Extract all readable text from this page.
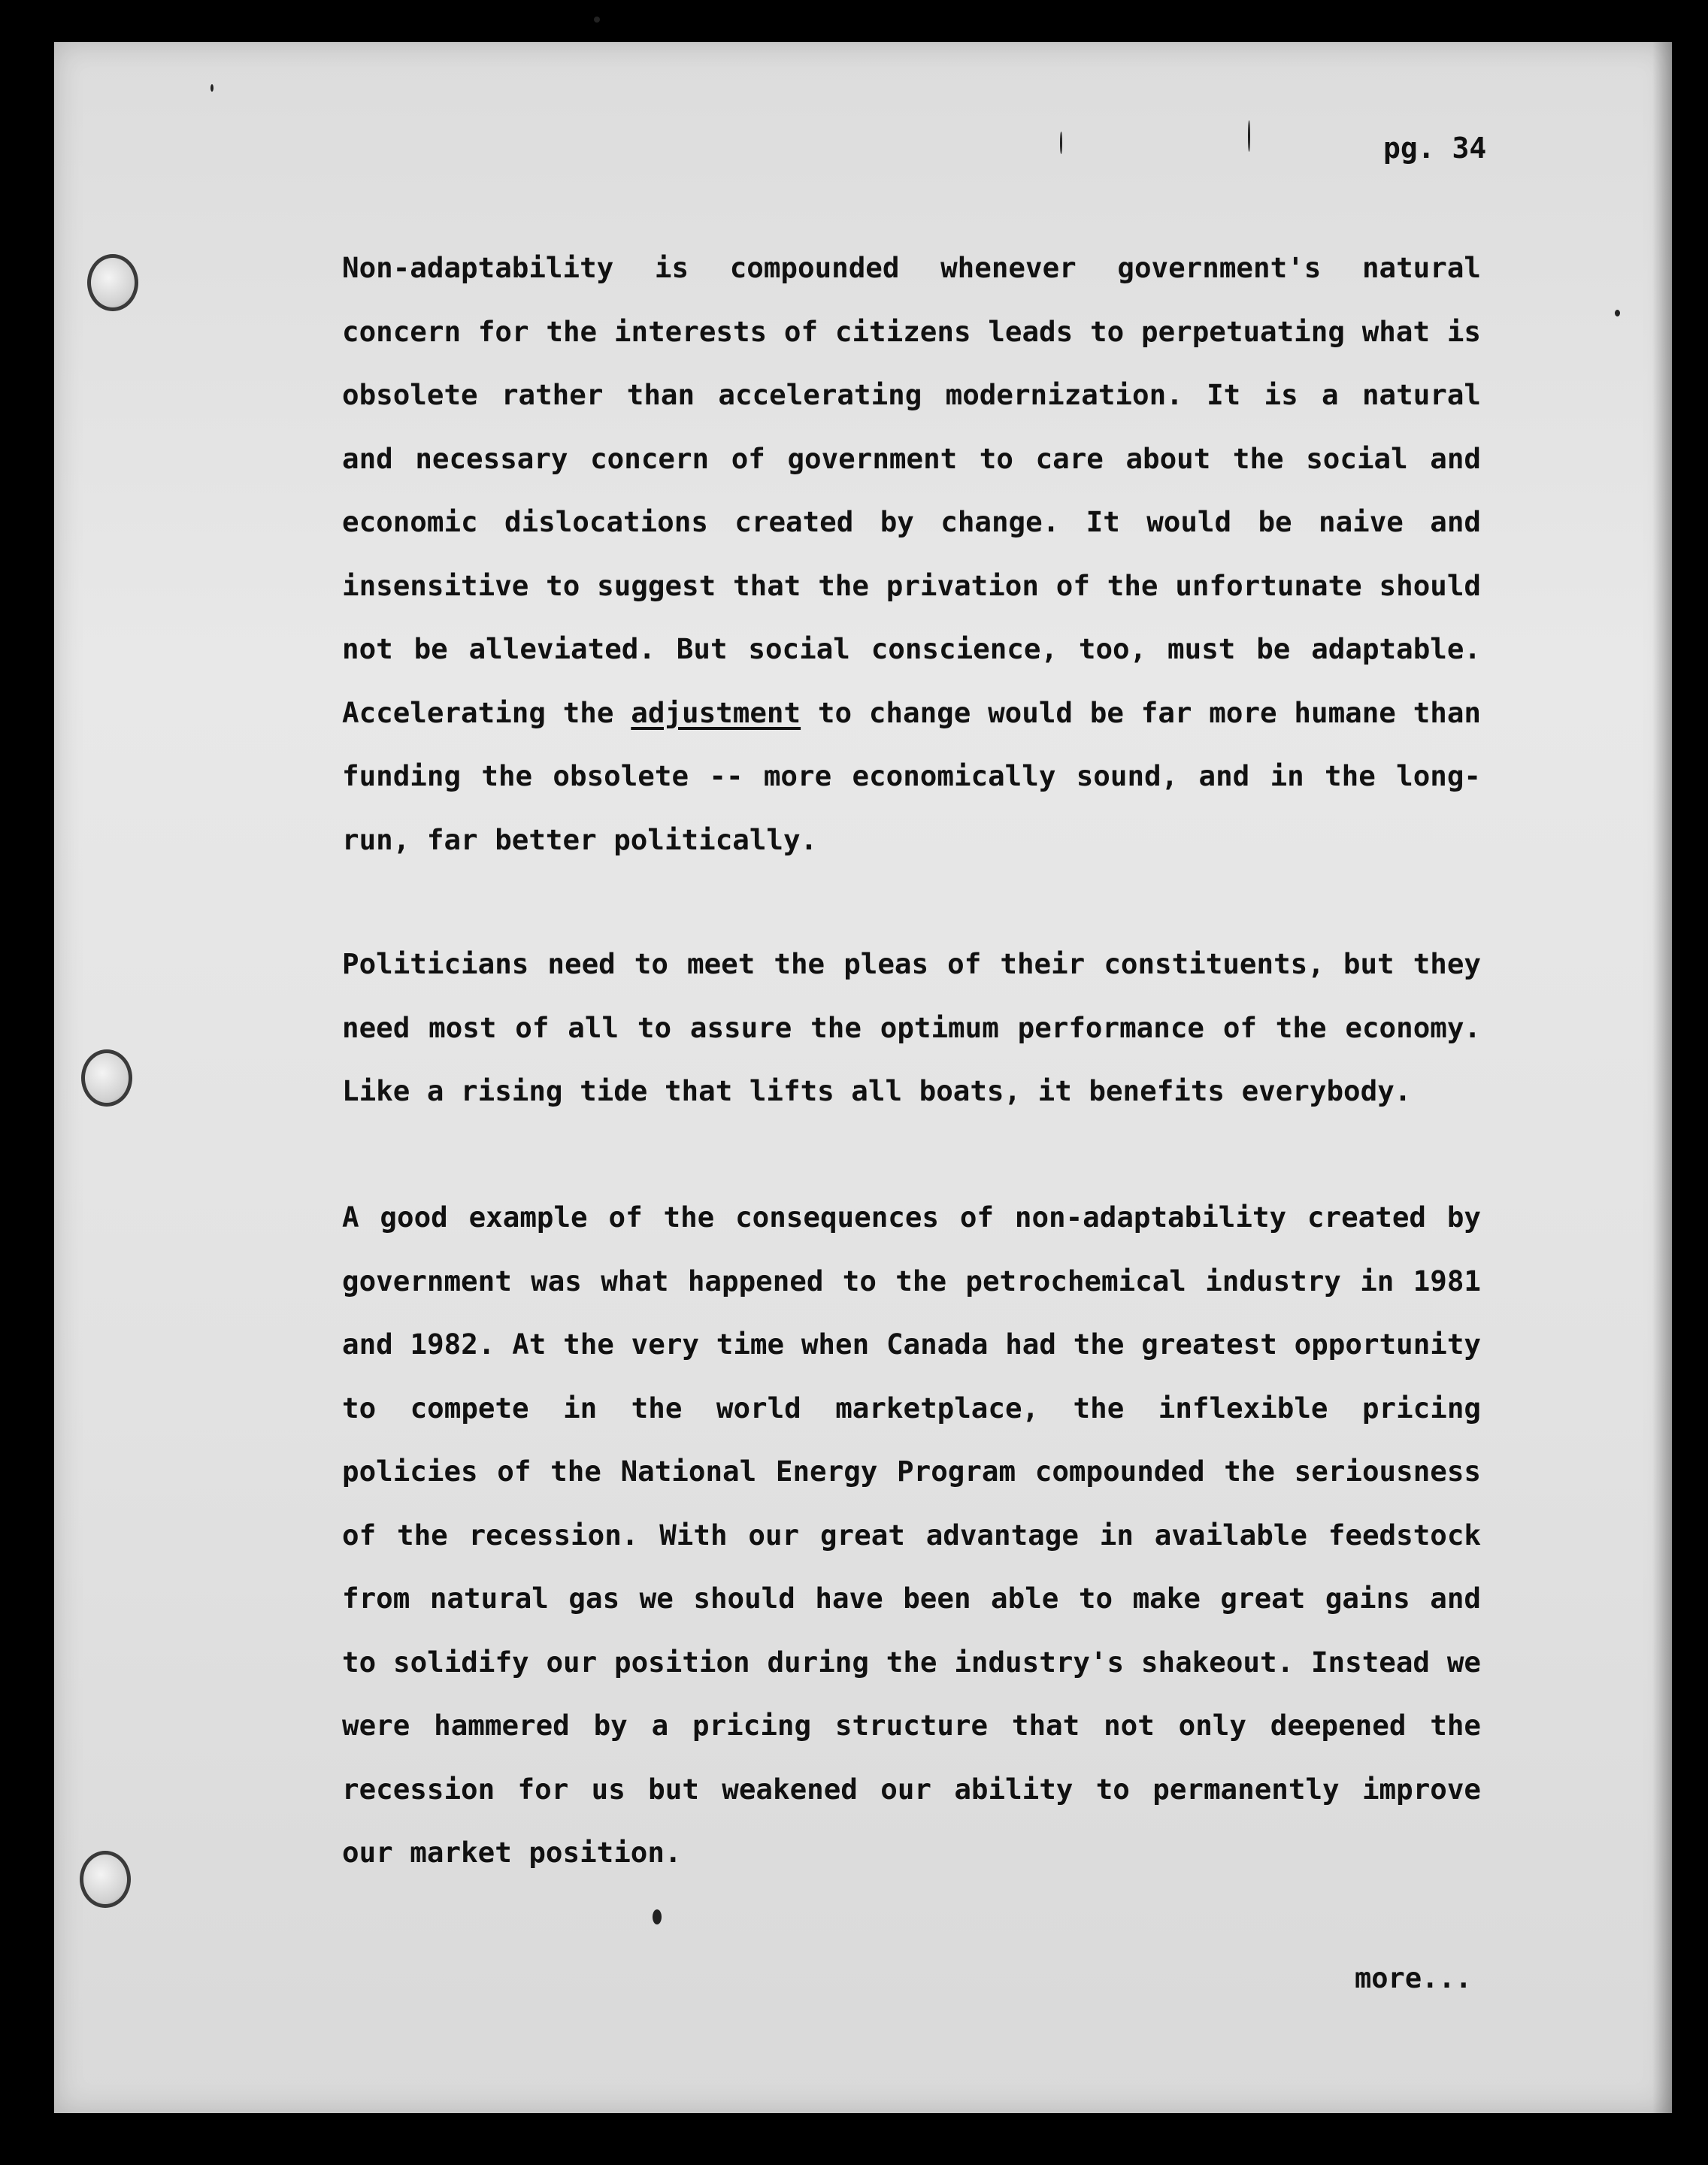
pg. 34

Non-adaptability is compounded whenever government's natural concern for the interests of citizens leads to perpetuating what is obsolete rather than accelerating modernization. It is a natural and necessary concern of government to care about the social and economic dislocations created by change. It would be naive and insensitive to suggest that the privation of the unfortunate should not be alleviated. But social conscience, too, must be adaptable. Accelerating the adjustment to change would be far more humane than funding the obsolete -- more economically sound, and in the long-run, far better politically.

Politicians need to meet the pleas of their constituents, but they need most of all to assure the optimum performance of the economy. Like a rising tide that lifts all boats, it benefits everybody.

A good example of the consequences of non-adaptability created by government was what happened to the petrochemical industry in 1981 and 1982. At the very time when Canada had the greatest opportunity to compete in the world marketplace, the inflexible pricing policies of the National Energy Program compounded the seriousness of the recession. With our great advantage in available feedstock from natural gas we should have been able to make great gains and to solidify our position during the industry's shakeout. Instead we were hammered by a pricing structure that not only deepened the recession for us but weakened our ability to permanently improve our market position.

more...
